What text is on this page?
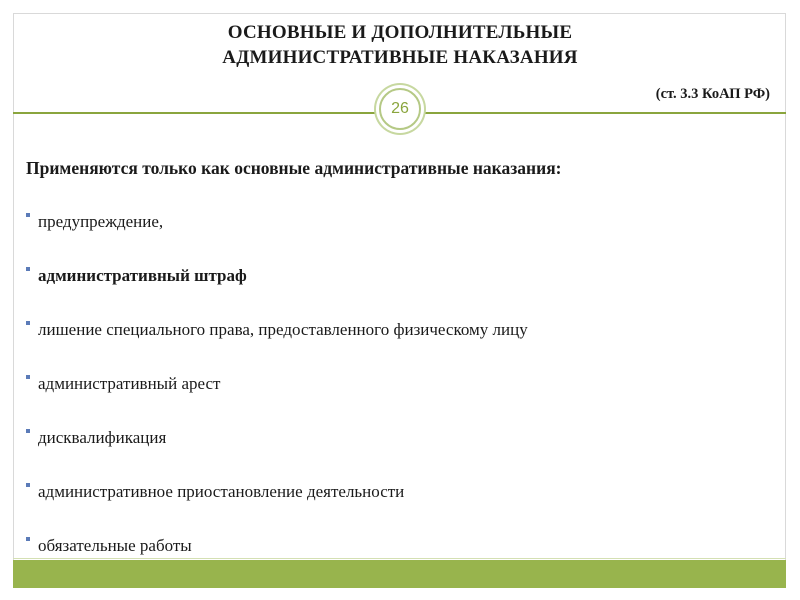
ОСНОВНЫЕ И ДОПОЛНИТЕЛЬНЫЕ
АДМИНИСТРАТИВНЫЕ НАКАЗАНИЯ
(ст. 3.3 КоАП РФ)
26
Применяются только как основные административные наказания:
предупреждение,
административный штраф
лишение специального права, предоставленного физическому лицу
административный арест
дисквалификация
административное приостановление деятельности
обязательные работы
